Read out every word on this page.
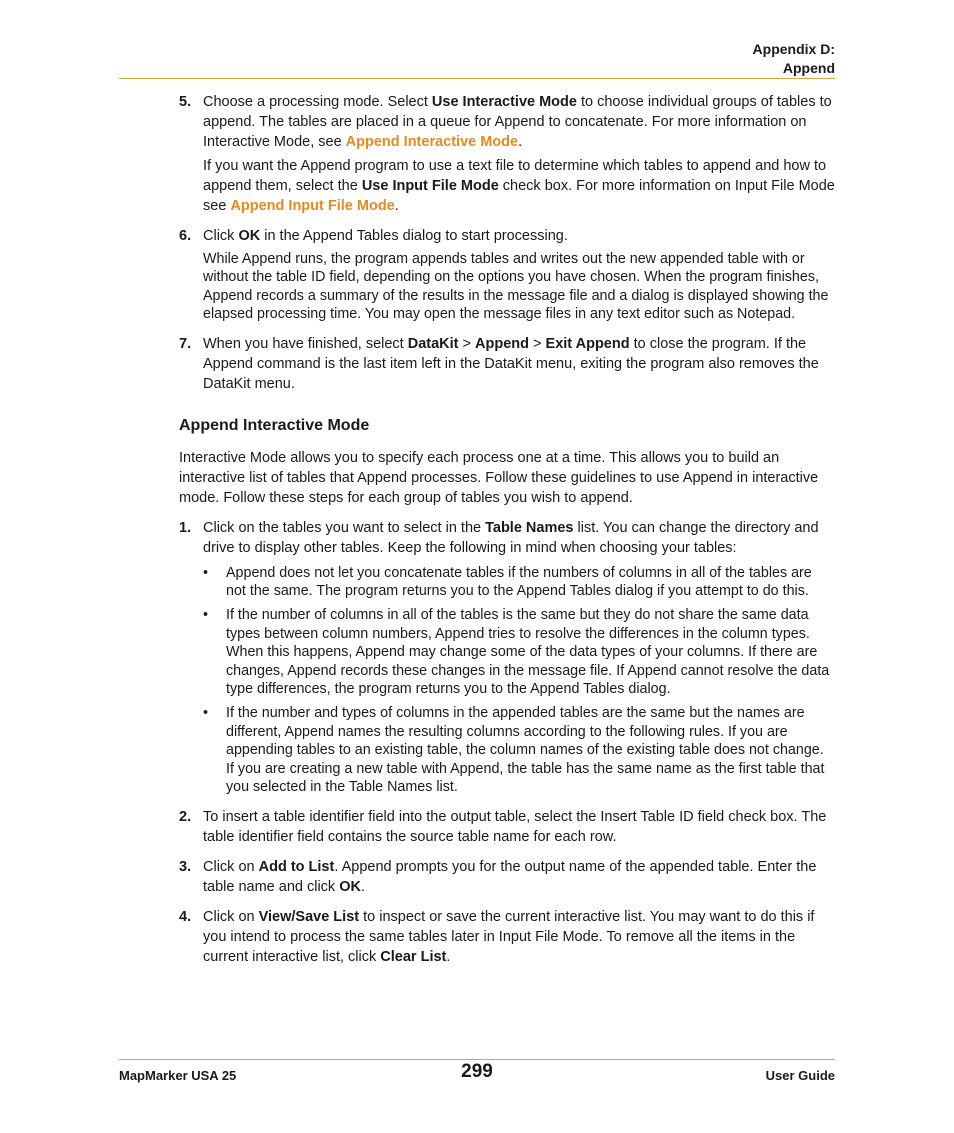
Appendix D:
Append
5. Choose a processing mode. Select Use Interactive Mode to choose individual groups of tables to append. The tables are placed in a queue for Append to concatenate. For more information on Interactive Mode, see Append Interactive Mode.

If you want the Append program to use a text file to determine which tables to append and how to append them, select the Use Input File Mode check box. For more information on Input File Mode see Append Input File Mode.

6. Click OK in the Append Tables dialog to start processing.

While Append runs, the program appends tables and writes out the new appended table with or without the table ID field, depending on the options you have chosen. When the program finishes, Append records a summary of the results in the message file and a dialog is displayed showing the elapsed processing time. You may open the message files in any text editor such as Notepad.

7. When you have finished, select DataKit > Append > Exit Append to close the program. If the Append command is the last item left in the DataKit menu, exiting the program also removes the DataKit menu.

Append Interactive Mode

Interactive Mode allows you to specify each process one at a time. This allows you to build an interactive list of tables that Append processes. Follow these guidelines to use Append in interactive mode. Follow these steps for each group of tables you wish to append.

1. Click on the tables you want to select in the Table Names list. You can change the directory and drive to display other tables. Keep the following in mind when choosing your tables:

• Append does not let you concatenate tables if the numbers of columns in all of the tables are not the same. The program returns you to the Append Tables dialog if you attempt to do this.
• If the number of columns in all of the tables is the same but they do not share the same data types between column numbers, Append tries to resolve the differences in the column types. When this happens, Append may change some of the data types of your columns. If there are changes, Append records these changes in the message file. If Append cannot resolve the data type differences, the program returns you to the Append Tables dialog.
• If the number and types of columns in the appended tables are the same but the names are different, Append names the resulting columns according to the following rules. If you are appending tables to an existing table, the column names of the existing table does not change. If you are creating a new table with Append, the table has the same name as the first table that you selected in the Table Names list.
2. To insert a table identifier field into the output table, select the Insert Table ID field check box. The table identifier field contains the source table name for each row.

3. Click on Add to List. Append prompts you for the output name of the appended table. Enter the table name and click OK.

4. Click on View/Save List to inspect or save the current interactive list. You may want to do this if you intend to process the same tables later in Input File Mode. To remove all the items in the current interactive list, click Clear List.

MapMarker USA 25	299	User Guide
